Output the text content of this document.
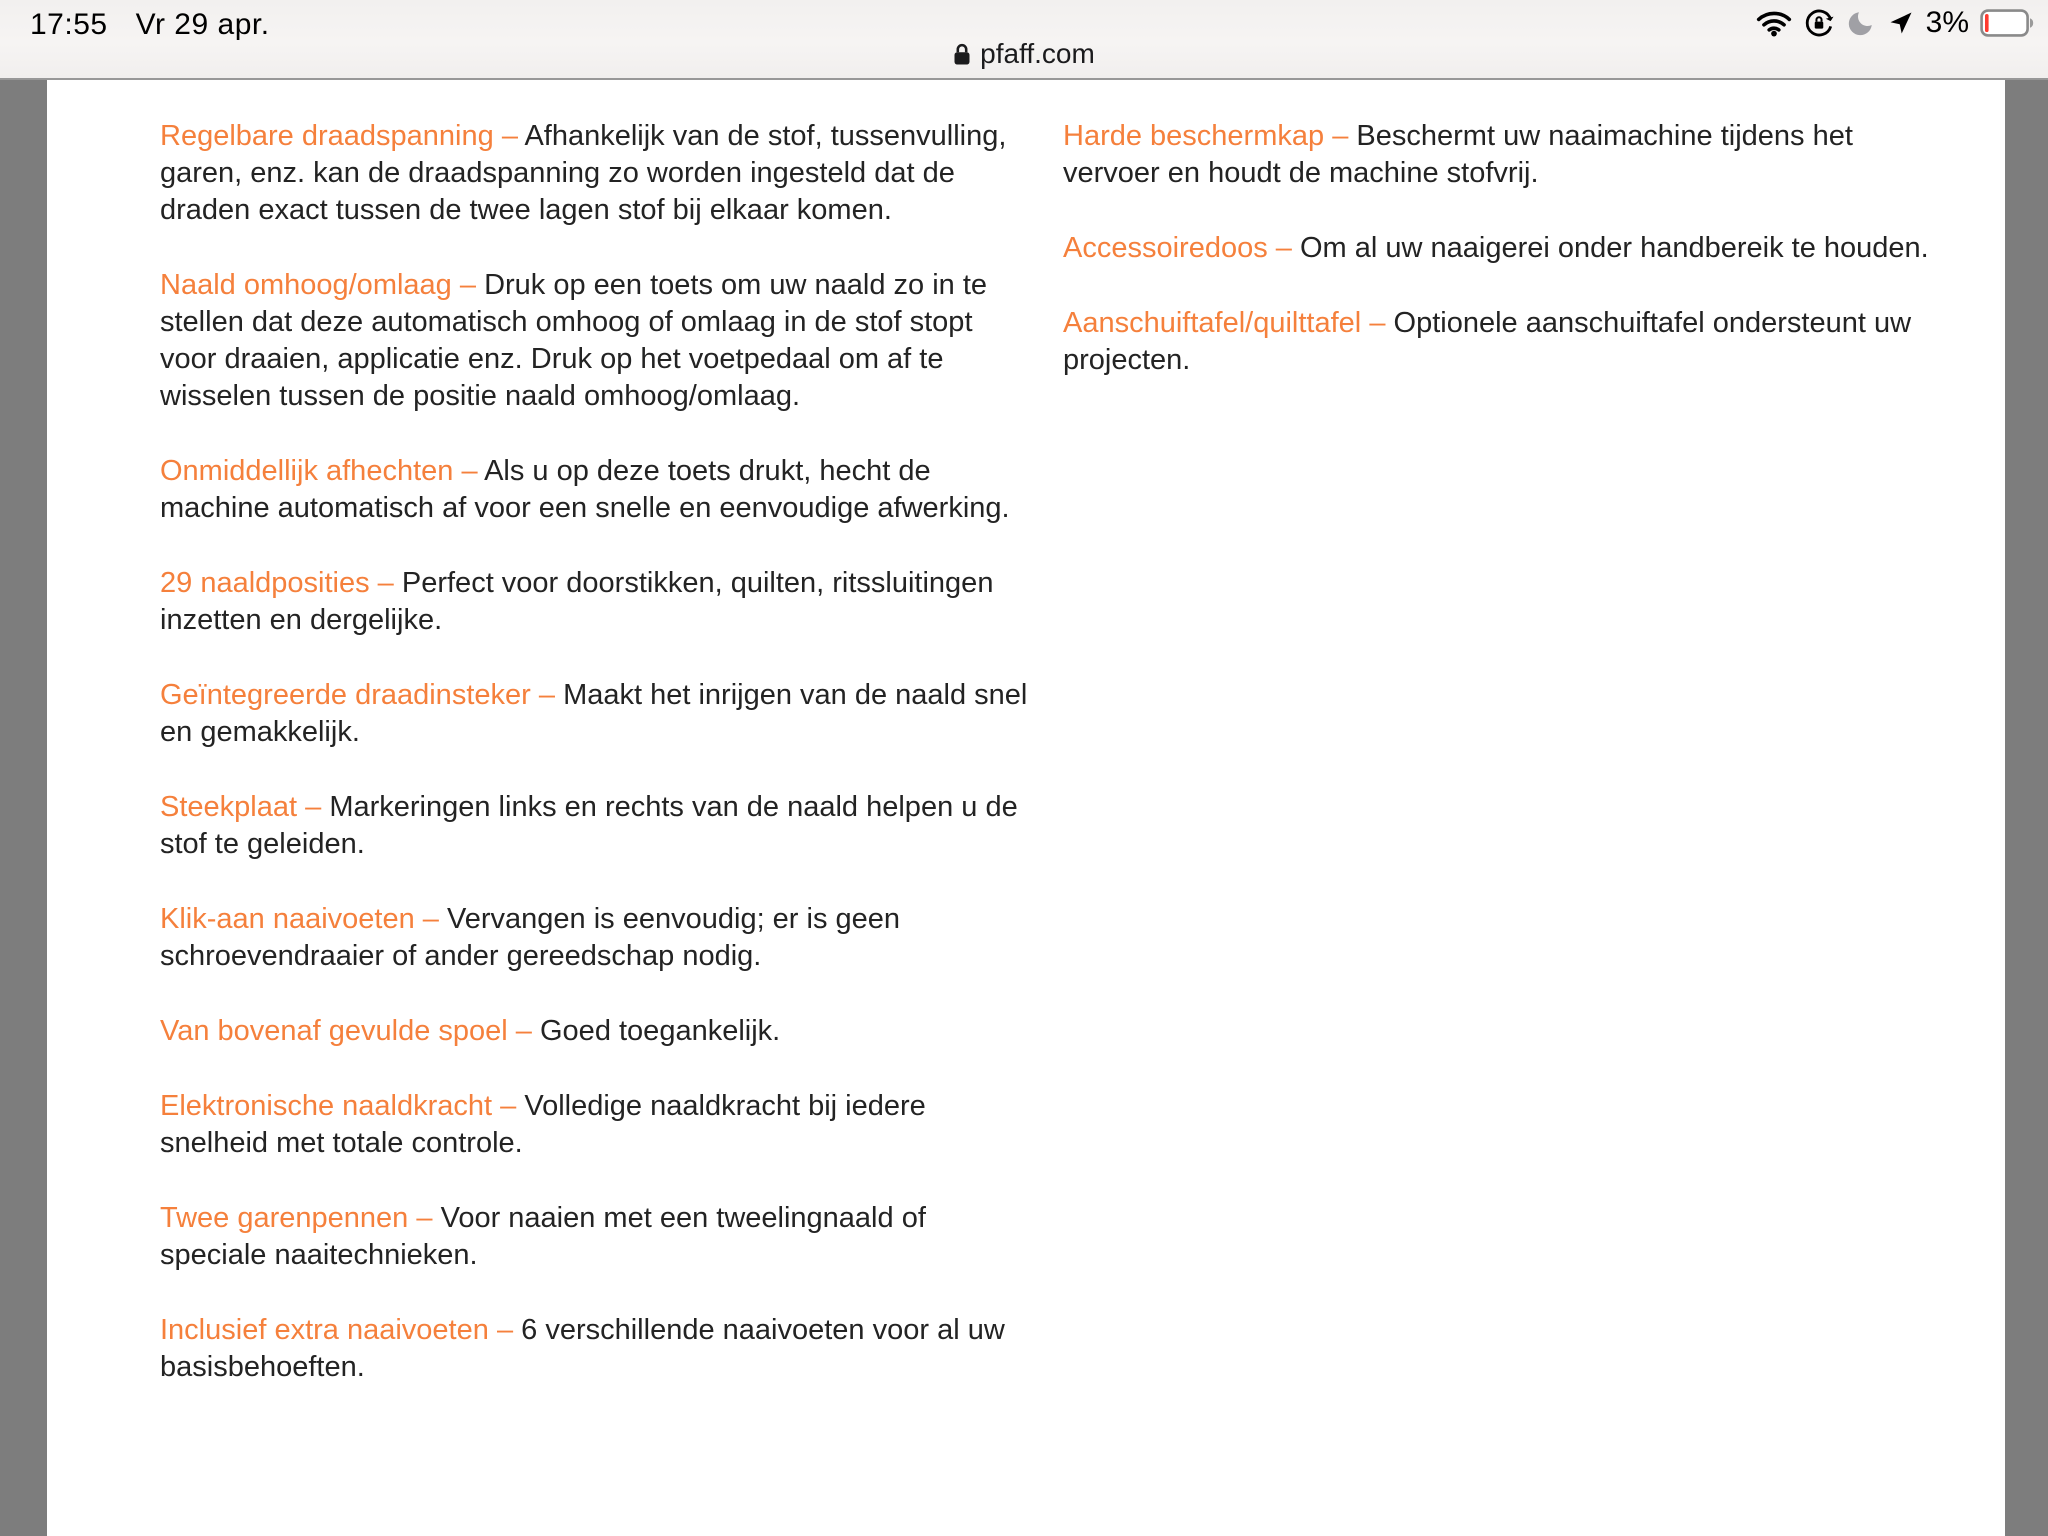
17:55 Vr 29 apr.	3%
pfaff.com

Regelbare draadspanning – Afhankelijk van de stof, tussenvulling, garen, enz. kan de draadspanning zo worden ingesteld dat de draden exact tussen de twee lagen stof bij elkaar komen.

Naald omhoog/omlaag – Druk op een toets om uw naald zo in te stellen dat deze automatisch omhoog of omlaag in de stof stopt voor draaien, applicatie enz. Druk op het voetpedaal om af te wisselen tussen de positie naald omhoog/omlaag.

Onmiddellijk afhechten – Als u op deze toets drukt, hecht de machine automatisch af voor een snelle en eenvoudige afwerking.

29 naaldposities – Perfect voor doorstikken, quilten, ritssluitingen inzetten en dergelijke.

Geïntegreerde draadinsteker – Maakt het inrijgen van de naald snel en gemakkelijk.

Steekplaat – Markeringen links en rechts van de naald helpen u de stof te geleiden.

Klik-aan naaivoeten – Vervangen is eenvoudig; er is geen schroevendraaier of ander gereedschap nodig.

Van bovenaf gevulde spoel – Goed toegankelijk.

Elektronische naaldkracht – Volledige naaldkracht bij iedere snelheid met totale controle.

Twee garenpennen – Voor naaien met een tweelingnaald of speciale naaitechnieken.

Inclusief extra naaivoeten – 6 verschillende naaivoeten voor al uw basisbehoeften.

Harde beschermkap – Beschermt uw naaimachine tijdens het vervoer en houdt de machine stofvrij.

Accessoiredoos – Om al uw naaigerei onder handbereik te houden.

Aanschuiftafel/quilttafel – Optionele aanschuiftafel ondersteunt uw projecten.
